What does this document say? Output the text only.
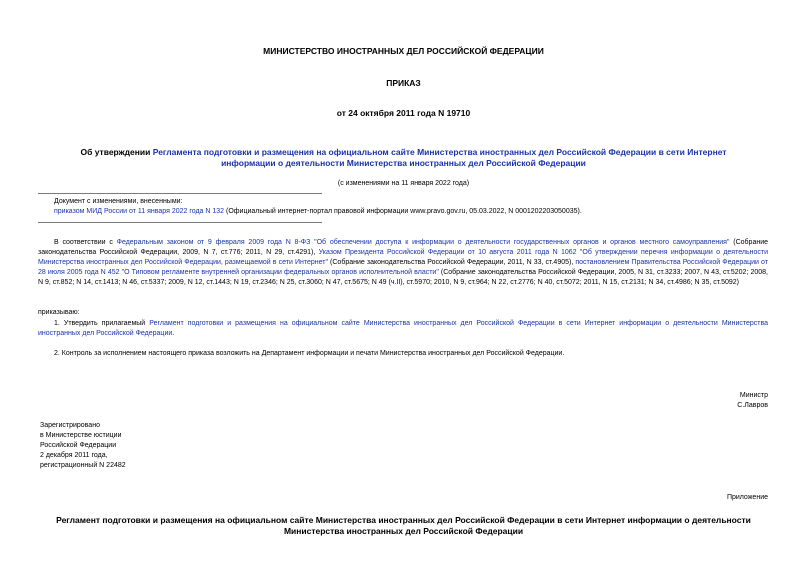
МИНИСТЕРСТВО ИНОСТРАННЫХ ДЕЛ РОССИЙСКОЙ ФЕДЕРАЦИИ
ПРИКАЗ
от 24 октября 2011 года N 19710
Об утверждении Регламента подготовки и размещения на официальном сайте Министерства иностранных дел Российской Федерации в сети Интернет информации о деятельности Министерства иностранных дел Российской Федерации
(с изменениями на 11 января 2022 года)
Документ с изменениями, внесенными:
приказом МИД России от 11 января 2022 года N 132 (Официальный интернет-портал правовой информации www.pravo.gov.ru, 05.03.2022, N 0001202203050035).
В соответствии с Федеральным законом от 9 февраля 2009 года N 8-ФЗ "Об обеспечении доступа к информации о деятельности государственных органов и органов местного самоуправления" (Собрание законодательства Российской Федерации, 2009, N 7, ст.776; 2011, N 29, ст.4291), Указом Президента Российской Федерации от 10 августа 2011 года N 1062 "Об утверждении перечня информации о деятельности Министерства иностранных дел Российской Федерации, размещаемой в сети Интернет" (Собрание законодательства Российской Федерации, 2011, N 33, ст.4905), постановлением Правительства Российской Федерации от 28 июля 2005 года N 452 "О Типовом регламенте внутренней организации федеральных органов исполнительной власти" (Собрание законодательства Российской Федерации, 2005, N 31, ст.3233; 2007, N 43, ст.5202; 2008, N 9, ст.852; N 14, ст.1413; N 46, ст.5337; 2009, N 12, ст.1443; N 19, ст.2346; N 25, ст.3060; N 47, ст.5675; N 49 (ч.II), ст.5970; 2010, N 9, ст.964; N 22, ст.2776; N 40, ст.5072; 2011, N 15, ст.2131; N 34, ст.4986; N 35, ст.5092)
приказываю:
1. Утвердить прилагаемый Регламент подготовки и размещения на официальном сайте Министерства иностранных дел Российской Федерации в сети Интернет информации о деятельности Министерства иностранных дел Российской Федерации.
2. Контроль за исполнением настоящего приказа возложить на Департамент информации и печати Министерства иностранных дел Российской Федерации.
Министр
С.Лавров
Зарегистрировано
в Министерстве юстиции
Российской Федерации
2 декабря 2011 года,
регистрационный N 22482
Приложение
Регламент подготовки и размещения на официальном сайте Министерства иностранных дел Российской Федерации в сети Интернет информации о деятельности Министерства иностранных дел Российской Федерации
